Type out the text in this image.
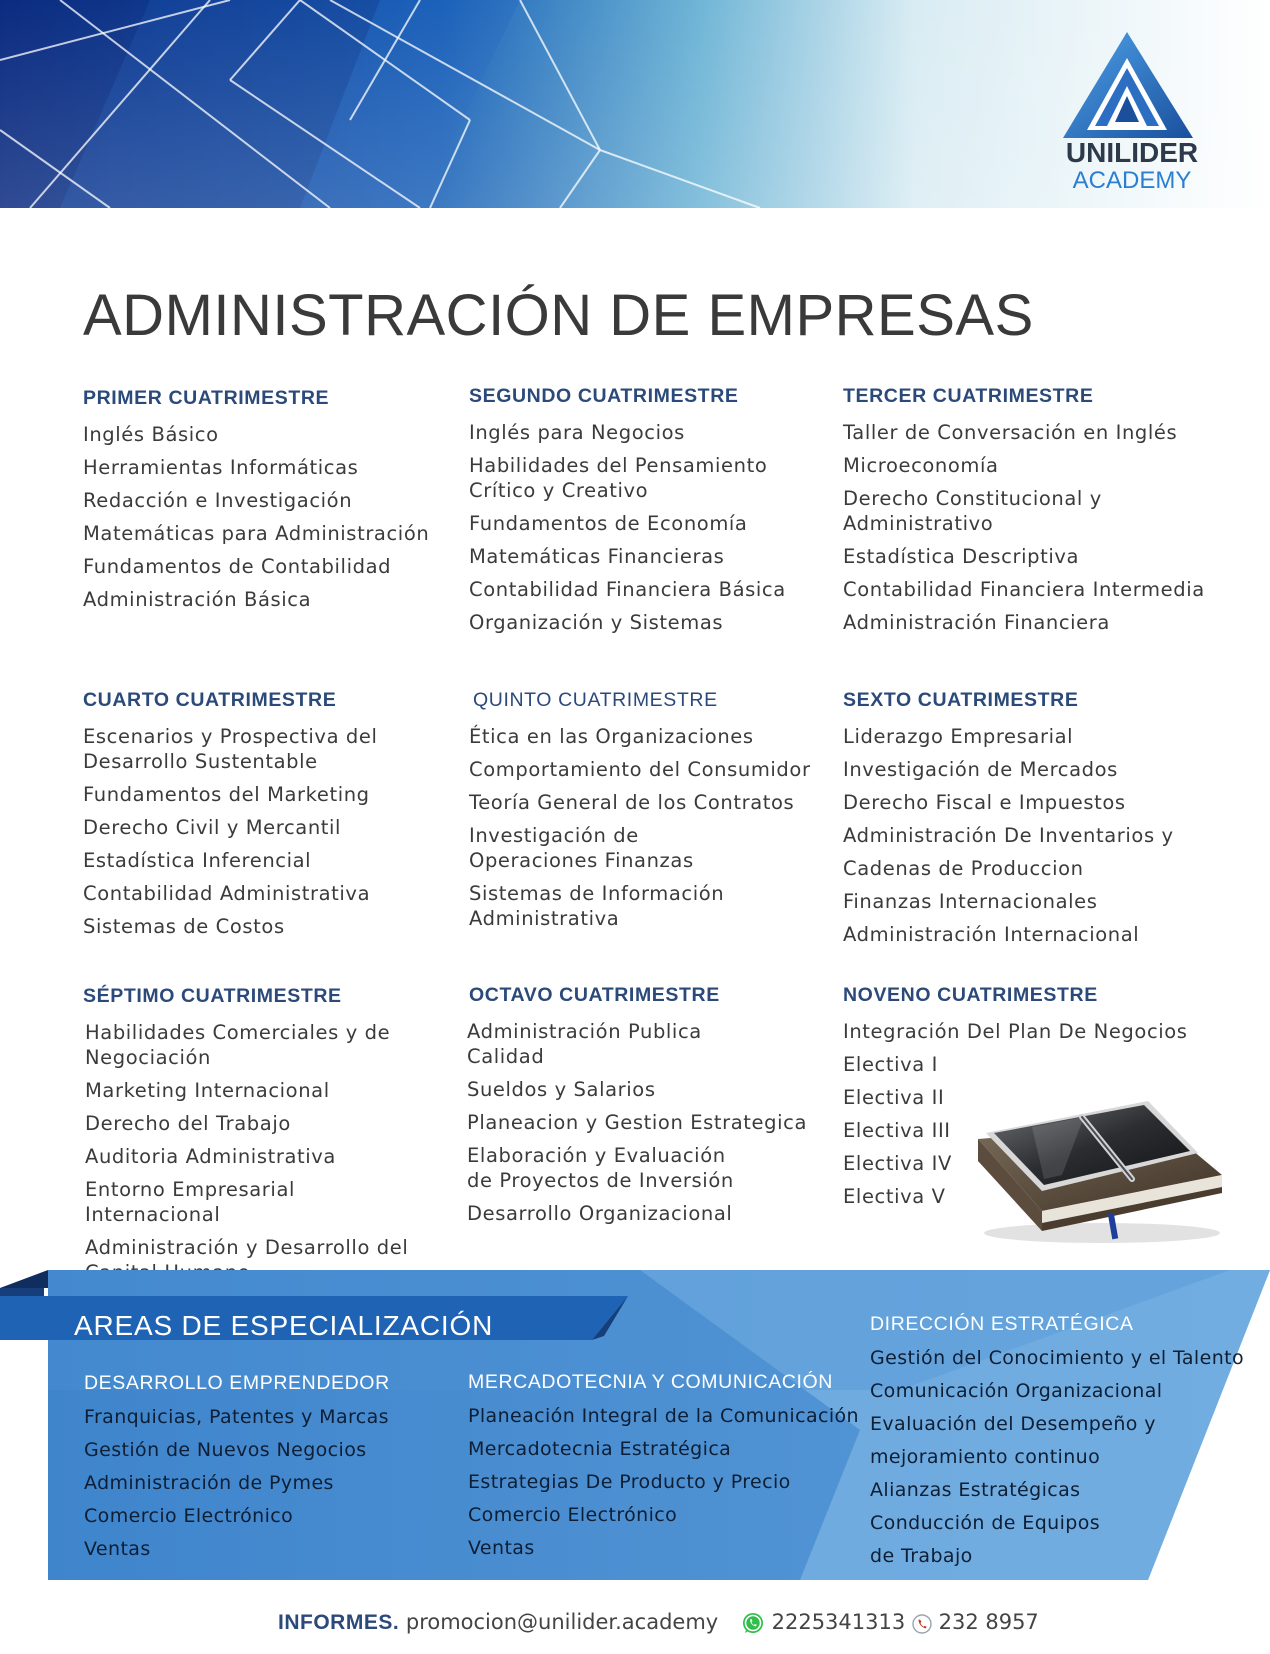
UNILIDER
ACADEMY
ADMINISTRACIÓN DE EMPRESAS
PRIMER CUATRIMESTRE
Inglés Básico
Herramientas Informáticas
Redacción e Investigación
Matemáticas para Administración
Fundamentos de Contabilidad
Administración Básica
SEGUNDO CUATRIMESTRE
Inglés para Negocios
Habilidades del Pensamiento Crítico y Creativo
Fundamentos de Economía
Matemáticas Financieras
Contabilidad Financiera Básica
Organización y Sistemas
TERCER CUATRIMESTRE
Taller de Conversación en Inglés
Microeconomía
Derecho Constitucional y Administrativo
Estadística Descriptiva
Contabilidad Financiera Intermedia
Administración Financiera
CUARTO CUATRIMESTRE
Escenarios y Prospectiva del Desarrollo Sustentable
Fundamentos del Marketing
Derecho Civil y Mercantil
Estadística Inferencial
Contabilidad Administrativa
Sistemas de Costos
QUINTO CUATRIMESTRE
Ética en las Organizaciones
Comportamiento del Consumidor
Teoría General de los Contratos
Investigación de Operaciones Finanzas
Sistemas de Información Administrativa
SEXTO CUATRIMESTRE
Liderazgo Empresarial
Investigación de Mercados
Derecho Fiscal e Impuestos
Administración De Inventarios y
Cadenas de Produccion
Finanzas Internacionales
Administración Internacional
SÉPTIMO CUATRIMESTRE
Habilidades Comerciales y de Negociación
Marketing Internacional
Derecho del Trabajo
Auditoria Administrativa
Entorno Empresarial Internacional
Administración y Desarrollo del
OCTAVO CUATRIMESTRE
Administración Publica Calidad
Sueldos y Salarios
Planeacion y Gestion Estrategica
Elaboración y Evaluación de Proyectos de Inversión
Desarrollo Organizacional
NOVENO CUATRIMESTRE
Integración Del Plan De Negocios
Electiva I
Electiva II
Electiva III
Electiva IV
Electiva V
AREAS DE ESPECIALIZACIÓN
DESARROLLO EMPRENDEDOR
Franquicias, Patentes y Marcas
Gestión de Nuevos Negocios
Administración de Pymes
Comercio Electrónico
Ventas
MERCADOTECNIA Y COMUNICACIÓN
Planeación Integral de la Comunicación
Mercadotecnia Estratégica
Estrategias De Producto y Precio
Comercio Electrónico
Ventas
DIRECCIÓN ESTRATÉGICA
Gestión del Conocimiento y el Talento
Comunicación Organizacional
Evaluación del Desempeño y
mejoramiento continuo
Alianzas Estratégicas
Conducción de Equipos
de Trabajo
INFORMES. promocion@unilider.academy	2225341313 232 8957
